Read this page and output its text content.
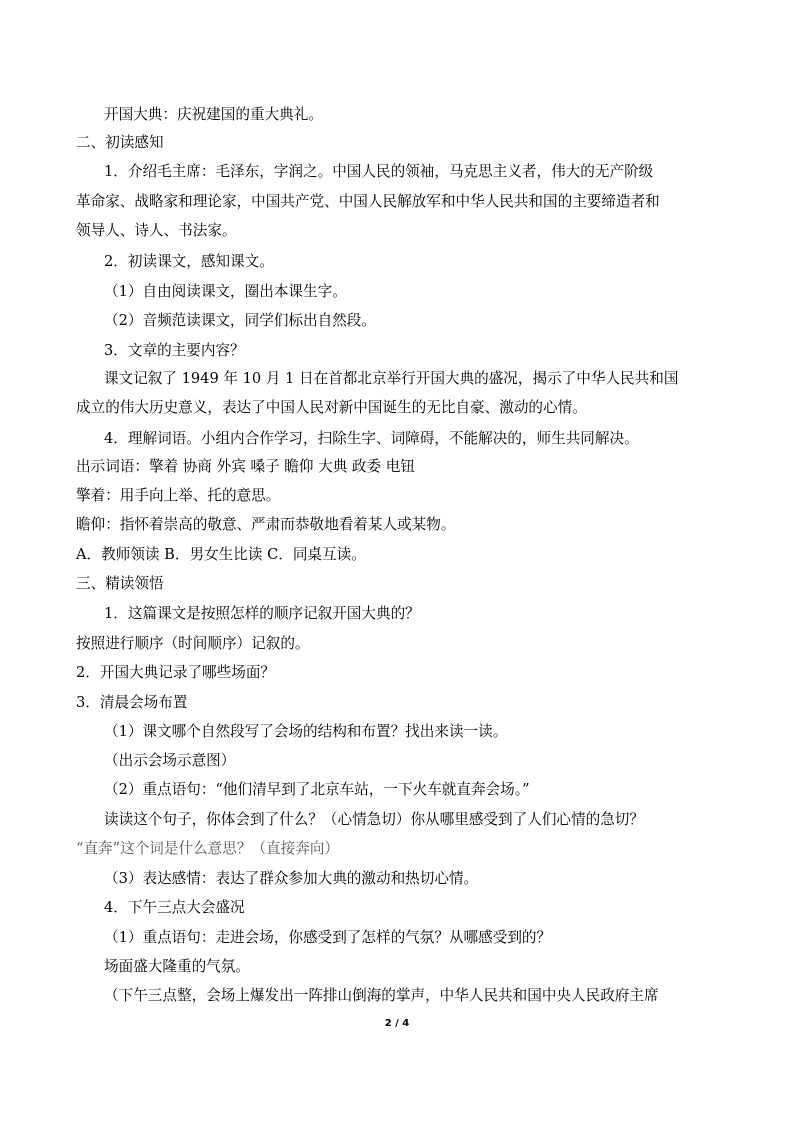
开国大典：庆祝建国的重大典礼。
二、初读感知
1．介绍毛主席：毛泽东，字润之。中国人民的领袖，马克思主义者，伟大的无产阶级
革命家、战略家和理论家，中国共产党、中国人民解放军和中华人民共和国的主要缔造者和
领导人、诗人、书法家。
2．初读课文，感知课文。
（1）自由阅读课文，圈出本课生字。
（2）音频范读课文，同学们标出自然段。
3．文章的主要内容？
课文记叙了 1949 年 10 月 1 日在首都北京举行开国大典的盛况，揭示了中华人民共和国
成立的伟大历史意义，表达了中国人民对新中国诞生的无比自豪、激动的心情。
4．理解词语。小组内合作学习，扫除生字、词障碍，不能解决的，师生共同解决。
出示词语：擎着 协商 外宾 嗓子 瞻仰 大典 政委 电钮
擎着：用手向上举、托的意思。
瞻仰：指怀着崇高的敬意、严肃而恭敬地看着某人或某物。
A．教师领读 B．男女生比读 C．同桌互读。
三、精读领悟
1．这篇课文是按照怎样的顺序记叙开国大典的？
按照进行顺序（时间顺序）记叙的。
2．开国大典记录了哪些场面？
3．清晨会场布置
（1）课文哪个自然段写了会场的结构和布置？找出来读一读。
（出示会场示意图）
（2）重点语句：“他们清早到了北京车站，一下火车就直奔会场。”
读读这个句子，你体会到了什么？（心情急切）你从哪里感受到了人们心情的急切？
“直奔”这个词是什么意思？（直接奔向）
（3）表达感情：表达了群众参加大典的激动和热切心情。
4．下午三点大会盛况
（1）重点语句：走进会场，你感受到了怎样的气氛？从哪感受到的？
场面盛大隆重的气氛。
（下午三点整，会场上爆发出一阵排山倒海的掌声，中华人民共和国中央人民政府主席
2 / 4
